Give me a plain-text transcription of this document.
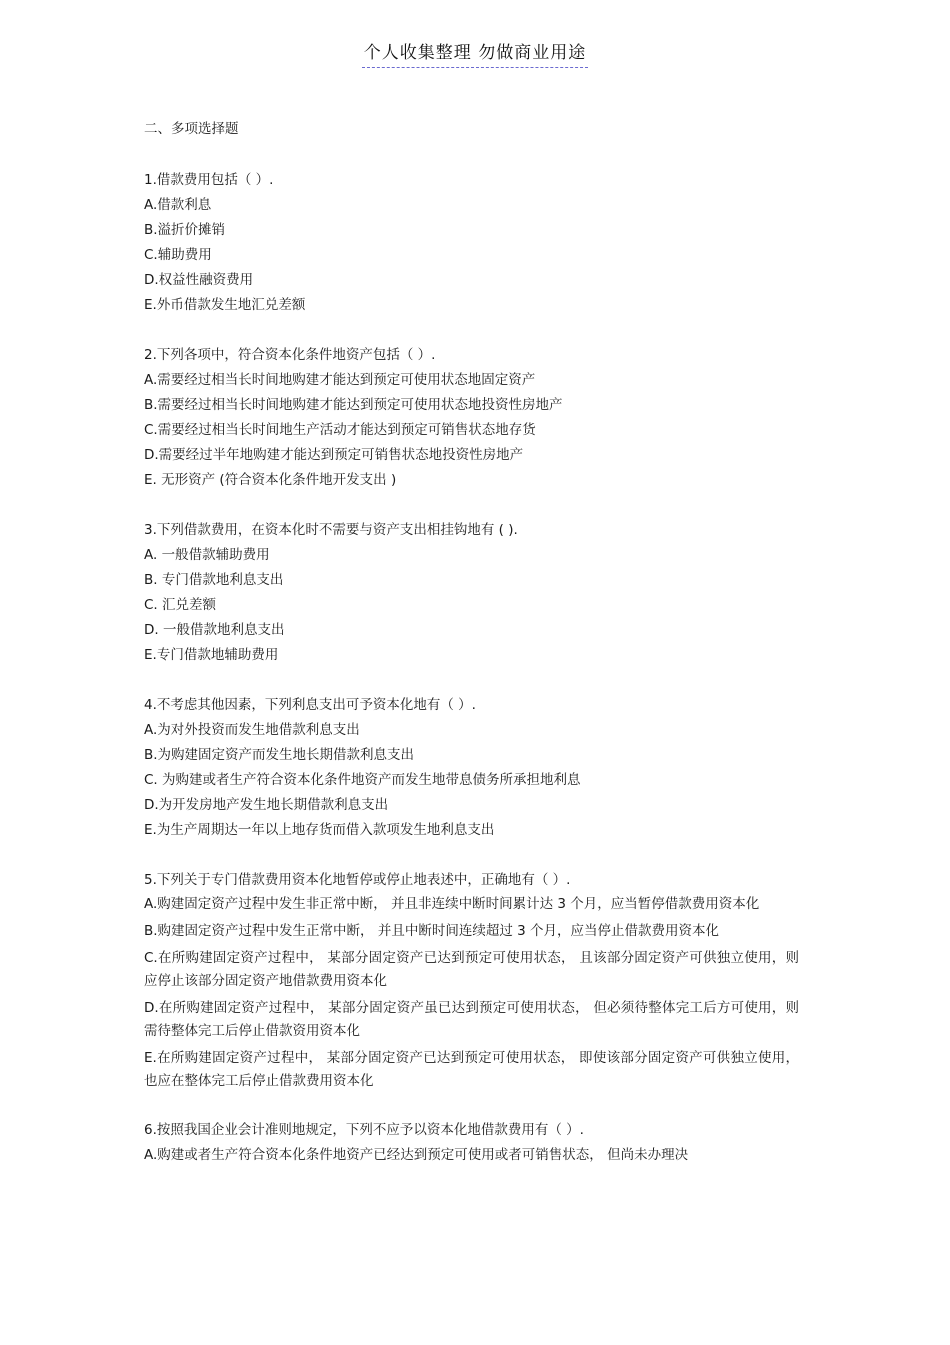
个人收集整理 勿做商业用途

二、多项选择题

1.借款费用包括（ ）.

A.借款利息

B.溢折价摊销

C.辅助费用

D.权益性融资费用

E.外币借款发生地汇兑差额

2.下列各项中，符合资本化条件地资产包括（ ）.

A.需要经过相当长时间地购建才能达到预定可使用状态地固定资产

B.需要经过相当长时间地购建才能达到预定可使用状态地投资性房地产

C.需要经过相当长时间地生产活动才能达到预定可销售状态地存货

D.需要经过半年地购建才能达到预定可销售状态地投资性房地产

E. 无形资产 (符合资本化条件地开发支出 )

3.下列借款费用，在资本化时不需要与资产支出相挂钩地有 ( ).

A. 一般借款辅助费用

B. 专门借款地利息支出

C. 汇兑差额

D. 一般借款地利息支出

E.专门借款地辅助费用

4.不考虑其他因素，下列利息支出可予资本化地有（ ）.

A.为对外投资而发生地借款利息支出

B.为购建固定资产而发生地长期借款利息支出

C. 为购建或者生产符合资本化条件地资产而发生地带息债务所承担地利息

D.为开发房地产发生地长期借款利息支出

E.为生产周期达一年以上地存货而借入款项发生地利息支出

5.下列关于专门借款费用资本化地暂停或停止地表述中，正确地有（ ）.

A.购建固定资产过程中发生非正常中断， 并且非连续中断时间累计达 3 个月，应当暂停借款费用资本化

B.购建固定资产过程中发生正常中断， 并且中断时间连续超过 3 个月，应当停止借款费用资本化

C.在所购建固定资产过程中， 某部分固定资产已达到预定可使用状态， 且该部分固定资产可供独立使用，则应停止该部分固定资产地借款费用资本化

D.在所购建固定资产过程中， 某部分固定资产虽已达到预定可使用状态， 但必须待整体完工后方可使用，则需待整体完工后停止借款资用资本化

E.在所购建固定资产过程中， 某部分固定资产已达到预定可使用状态， 即使该部分固定资产可供独立使用，也应在整体完工后停止借款费用资本化

6.按照我国企业会计准则地规定，下列不应予以资本化地借款费用有（ ）.

A.购建或者生产符合资本化条件地资产已经达到预定可使用或者可销售状态， 但尚未办理决
